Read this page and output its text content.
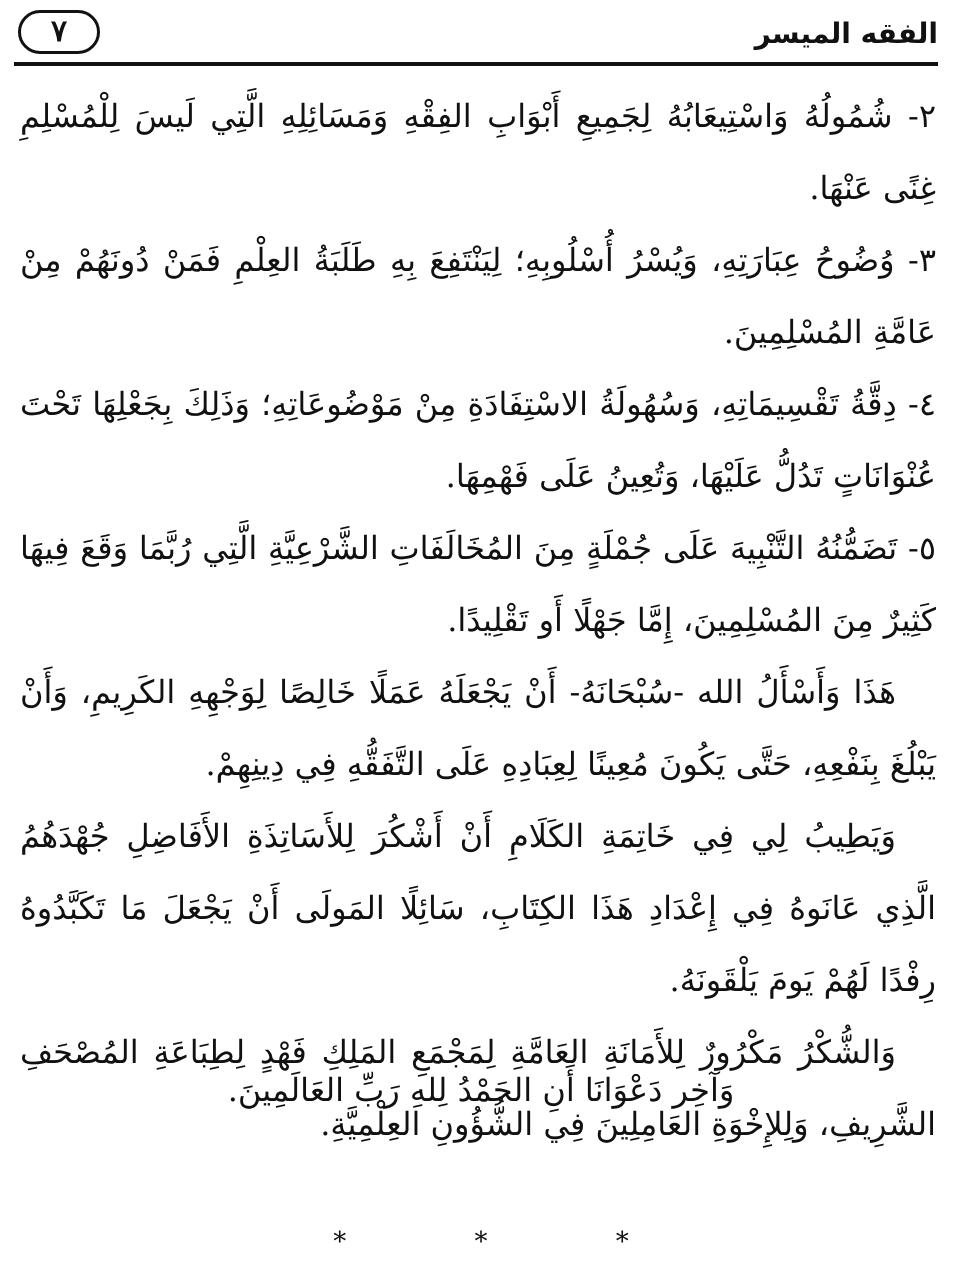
٧	الفقه الميسر

٢- شُمُولُهُ وَاسْتِيعَابُهُ لِجَمِيعِ أَبْوَابِ الفِقْهِ وَمَسَائِلِهِ الَّتِي لَيسَ لِلْمُسْلِمِ غِنًى عَنْهَا.

٣- وُضُوحُ عِبَارَتِهِ، وَيُسْرُ أُسْلُوبِهِ؛ لِيَنْتَفِعَ بِهِ طَلَبَةُ العِلْمِ فَمَنْ دُونَهُمْ مِنْ عَامَّةِ المُسْلِمِينَ.

٤- دِقَّةُ تَقْسِيمَاتِهِ، وَسُهُولَةُ الاسْتِفَادَةِ مِنْ مَوْضُوعَاتِهِ؛ وَذَلِكَ بِجَعْلِهَا تَحْتَ عُنْوَانَاتٍ تَدُلُّ عَلَيْهَا، وَتُعِينُ عَلَى فَهْمِهَا.

٥- تَضَمُّنُهُ التَّنْبِيهَ عَلَى جُمْلَةٍ مِنَ المُخَالَفَاتِ الشَّرْعِيَّةِ الَّتِي رُبَّمَا وَقَعَ فِيهَا كَثِيرٌ مِنَ المُسْلِمِينَ، إِمَّا جَهْلًا أَو تَقْلِيدًا.

هَذَا وَأَسْأَلُ الله -سُبْحَانَهُ- أَنْ يَجْعَلَهُ عَمَلًا خَالِصًا لِوَجْهِهِ الكَرِيمِ، وَأَنْ يَبْلُغَ بِنَفْعِهِ، حَتَّى يَكُونَ مُعِينًا لِعِبَادِهِ عَلَى التَّفَقُّهِ فِي دِينِهِمْ.

وَيَطِيبُ لِي فِي خَاتِمَةِ الكَلَامِ أَنْ أَشْكُرَ لِلأَسَاتِذَةِ الأَفَاضِلِ جُهْدَهُمُ الَّذِي عَانَوهُ فِي إِعْدَادِ هَذَا الكِتَابِ، سَائِلًا المَولَى أَنْ يَجْعَلَ مَا تَكَبَّدُوهُ رِفْدًا لَهُمْ يَومَ يَلْقَونَهُ.

وَالشُّكْرُ مَكْرُورٌ لِلأَمَانَةِ العَامَّةِ لِمَجْمَعِ المَلِكِ فَهْدٍ لِطِبَاعَةِ المُصْحَفِ الشَّرِيفِ، وَلِلإِخْوَةِ العَامِلِينَ فِي الشُّؤُونِ العِلْمِيَّةِ.

وَآخِر دَعْوَانَا أَنِ الحَمْدُ لِلهِ رَبِّ العَالَمِينَ.
* * *
